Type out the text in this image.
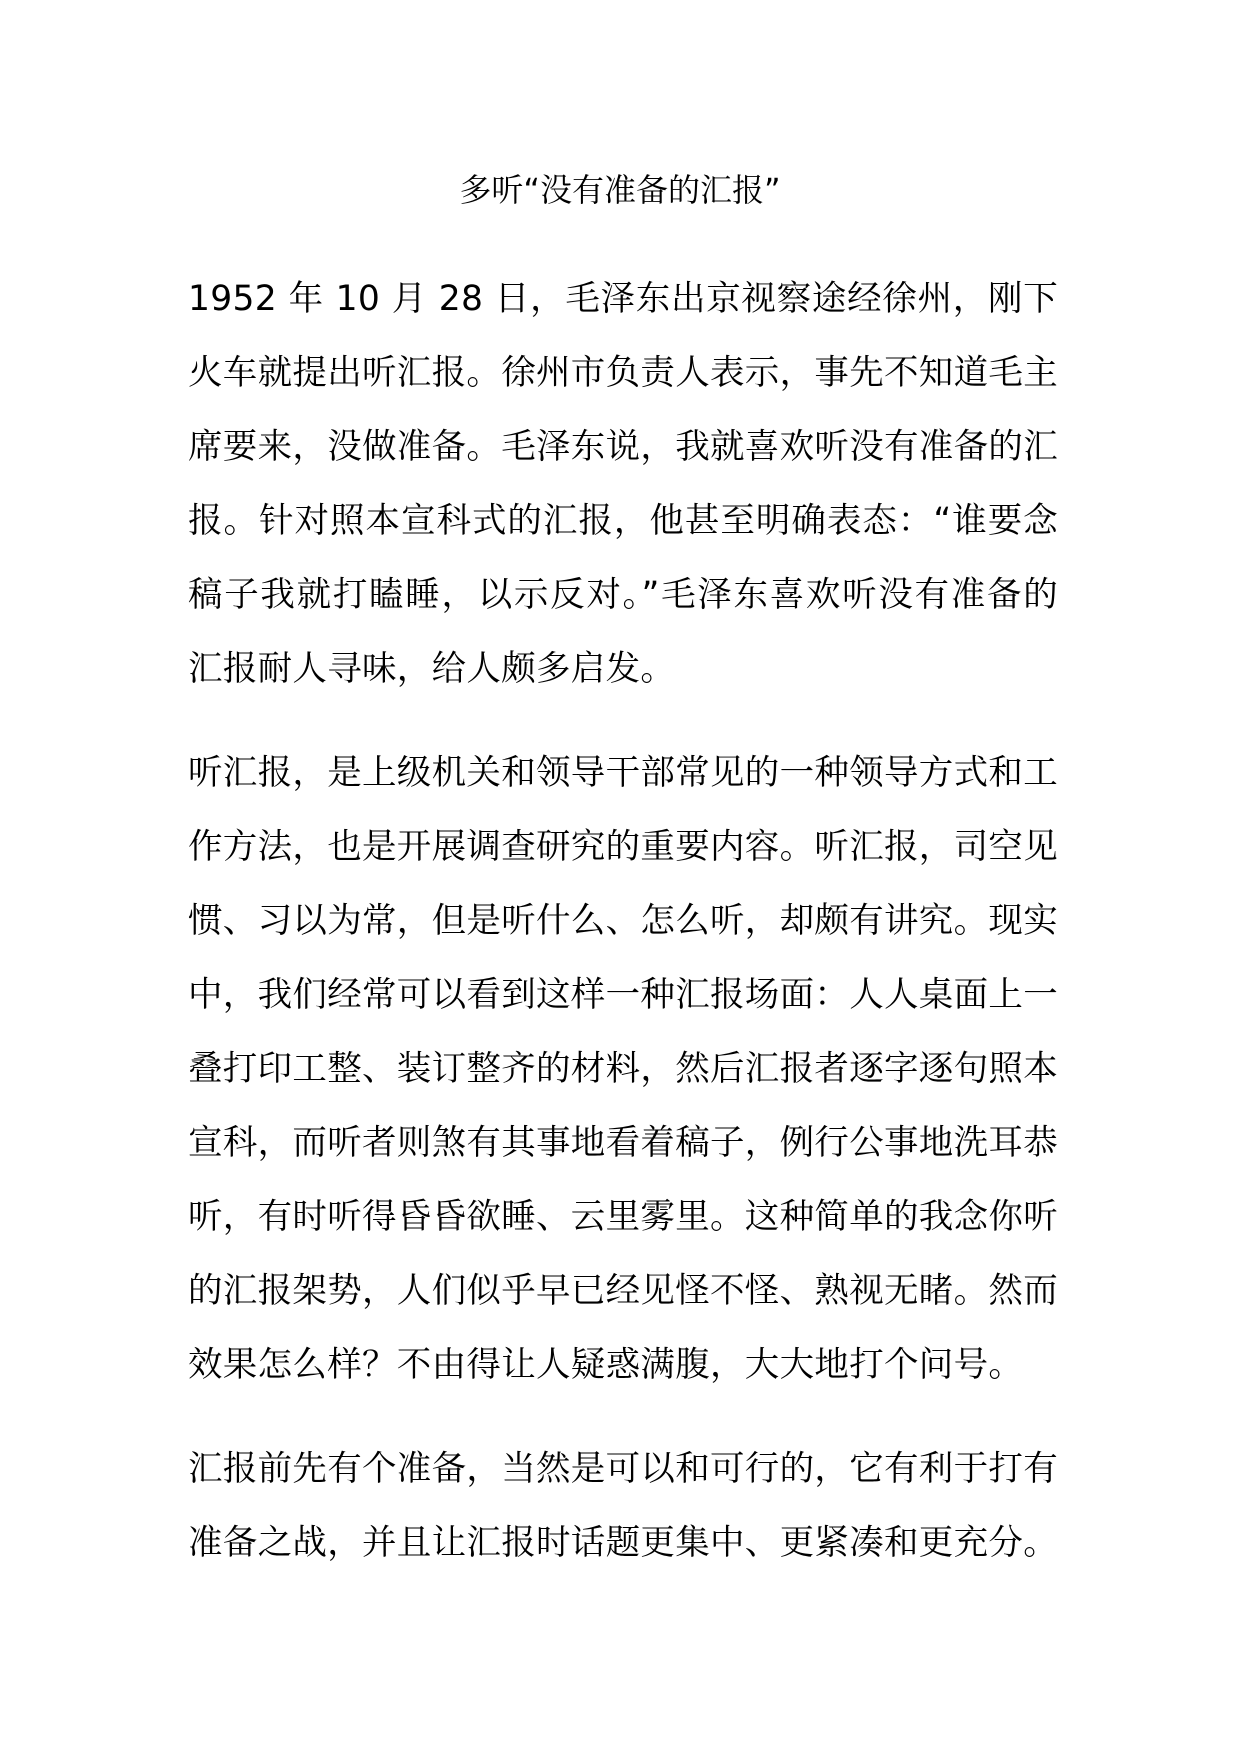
多听“没有准备的汇报”

1952 年 10 月 28 日，毛泽东出京视察途经徐州，刚下火车就提出听汇报。徐州市负责人表示，事先不知道毛主席要来，没做准备。毛泽东说，我就喜欢听没有准备的汇报。针对照本宣科式的汇报，他甚至明确表态：“谁要念稿子我就打瞌睡，以示反对。”毛泽东喜欢听没有准备的汇报耐人寻味，给人颇多启发。

听汇报，是上级机关和领导干部常见的一种领导方式和工作方法，也是开展调查研究的重要内容。听汇报，司空见惯、习以为常，但是听什么、怎么听，却颇有讲究。现实中，我们经常可以看到这样一种汇报场面：人人桌面上一叠打印工整、装订整齐的材料，然后汇报者逐字逐句照本宣科，而听者则煞有其事地看着稿子，例行公事地洗耳恭听，有时听得昏昏欲睡、云里雾里。这种简单的我念你听的汇报架势，人们似乎早已经见怪不怪、熟视无睹。然而效果怎么样？不由得让人疑惑满腹，大大地打个问号。

汇报前先有个准备，当然是可以和可行的，它有利于打有准备之战，并且让汇报时话题更集中、更紧凑和更充分。
